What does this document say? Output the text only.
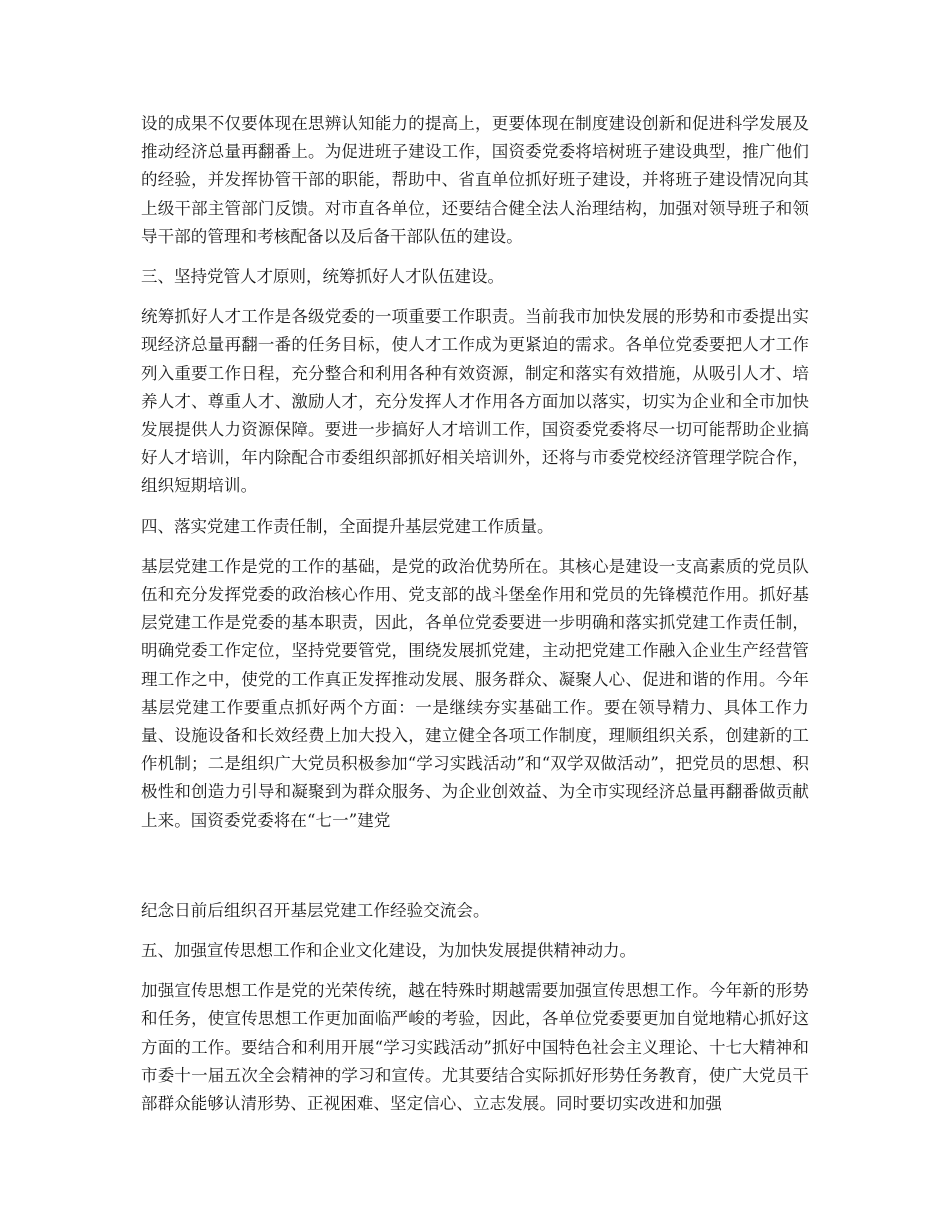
设的成果不仅要体现在思辨认知能力的提高上，更要体现在制度建设创新和促进科学发展及推动经济总量再翻番上。为促进班子建设工作，国资委党委将培树班子建设典型，推广他们的经验，并发挥协管干部的职能，帮助中、省直单位抓好班子建设，并将班子建设情况向其上级干部主管部门反馈。对市直各单位，还要结合健全法人治理结构，加强对领导班子和领导干部的管理和考核配备以及后备干部队伍的建设。

三、坚持党管人才原则，统筹抓好人才队伍建设。

统筹抓好人才工作是各级党委的一项重要工作职责。当前我市加快发展的形势和市委提出实现经济总量再翻一番的任务目标，使人才工作成为更紧迫的需求。各单位党委要把人才工作列入重要工作日程，充分整合和利用各种有效资源，制定和落实有效措施，从吸引人才、培养人才、尊重人才、激励人才，充分发挥人才作用各方面加以落实，切实为企业和全市加快发展提供人力资源保障。要进一步搞好人才培训工作，国资委党委将尽一切可能帮助企业搞好人才培训，年内除配合市委组织部抓好相关培训外，还将与市委党校经济管理学院合作，组织短期培训。

四、落实党建工作责任制，全面提升基层党建工作质量。

基层党建工作是党的工作的基础，是党的政治优势所在。其核心是建设一支高素质的党员队伍和充分发挥党委的政治核心作用、党支部的战斗堡垒作用和党员的先锋模范作用。抓好基层党建工作是党委的基本职责，因此，各单位党委要进一步明确和落实抓党建工作责任制，明确党委工作定位，坚持党要管党，围绕发展抓党建，主动把党建工作融入企业生产经营管理工作之中，使党的工作真正发挥推动发展、服务群众、凝聚人心、促进和谐的作用。今年基层党建工作要重点抓好两个方面：一是继续夯实基础工作。要在领导精力、具体工作力量、设施设备和长效经费上加大投入，建立健全各项工作制度，理顺组织关系，创建新的工作机制；二是组织广大党员积极参加“学习实践活动”和“双学双做活动”，把党员的思想、积极性和创造力引导和凝聚到为群众服务、为企业创效益、为全市实现经济总量再翻番做贡献上来。国资委党委将在“七一”建党

纪念日前后组织召开基层党建工作经验交流会。

五、加强宣传思想工作和企业文化建设，为加快发展提供精神动力。

加强宣传思想工作是党的光荣传统，越在特殊时期越需要加强宣传思想工作。今年新的形势和任务，使宣传思想工作更加面临严峻的考验，因此，各单位党委要更加自觉地精心抓好这方面的工作。要结合和利用开展“学习实践活动”抓好中国特色社会主义理论、十七大精神和市委十一届五次全会精神的学习和宣传。尤其要结合实际抓好形势任务教育，使广大党员干部群众能够认清形势、正视困难、坚定信心、立志发展。同时要切实改进和加强
